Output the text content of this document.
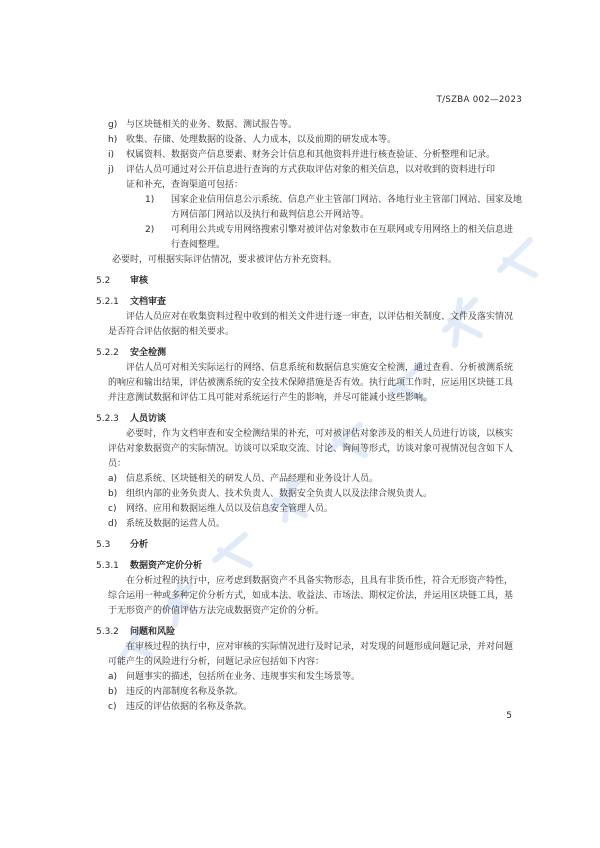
T/SZBA 002—2023
g) 与区块链相关的业务、数据、测试报告等。
h) 收集、存储、处理数据的设备、人力成本，以及前期的研发成本等。
i)	权属资料、数据资产信息要素、财务会计信息和其他资料并进行核查验证、分析整理和记录。
j)	评估人员可通过对公开信息进行查询的方式获取评估对象的相关信息，以对收到的资料进行印
证和补充，查询渠道可包括：
1) 国家企业信用信息公示系统、信息产业主管部门网站、各地行业主管部门网站、国家及地
方网信部门网站以及执行和裁判信息公开网站等。
2) 可利用公共或专用网络搜索引擎对被评估对象数市在互联网或专用网络上的相关信息进
行查阅整理。
必要时，可根据实际评估情况，要求被评估方补充资料。
5.2 审核
5.2.1 文档审查
评估人员应对在收集资料过程中收到的相关文件进行逐一审查，以评估相关制度、文件及落实情况
是否符合评估依据的相关要求。
5.2.2 安全检测
评估人员可对相关实际运行的网络、信息系统和数据信息实施安全检测，通过查看、分析被测系统
的响应和输出结果，评估被测系统的安全技术保障措施是否有效。执行此项工作时，应运用区块链工具
并注意测试数据和评估工具可能对系统运行产生的影响，并尽可能减小这些影响。
5.2.3 人员访谈
必要时，作为文档审查和安全检测结果的补充，可对被评估对象涉及的相关人员进行访谈，以核实
评估对象数据资产的实际情况。访谈可以采取交流、讨论、询问等形式，访谈对象可视情况包含如下人
员：
a) 信息系统、区块链相关的研发人员、产品经理和业务设计人员。
b) 组织内部的业务负责人、技术负责人、数据安全负责人以及法律合规负责人。
c)	网络、应用和数据运维人员以及信息安全管理人员。
d) 系统及数据的运营人员。
5.3 分析
5.3.1 数据资产定价分析
在分析过程的执行中，应考虑到数据资产不具备实物形态，且具有非货币性，符合无形资产特性，
综合运用一种或多种定价分析方式，如成本法、收益法、市场法、期权定价法，并运用区块链工具，基
于无形资产的价值评估方法完成数据资产定价的分析。
5.3.2 问题和风险
在审核过程的执行中，应对审核的实际情况进行及时记录，对发现的问题形成问题记录，并对问题
可能产生的风险进行分析，问题记录应包括如下内容：
a) 问题事实的描述，包括所在业务、违规事实和发生场景等。
b) 违反的内部制度名称及条款。
c)	违反的评估依据的名称及条款。
5
